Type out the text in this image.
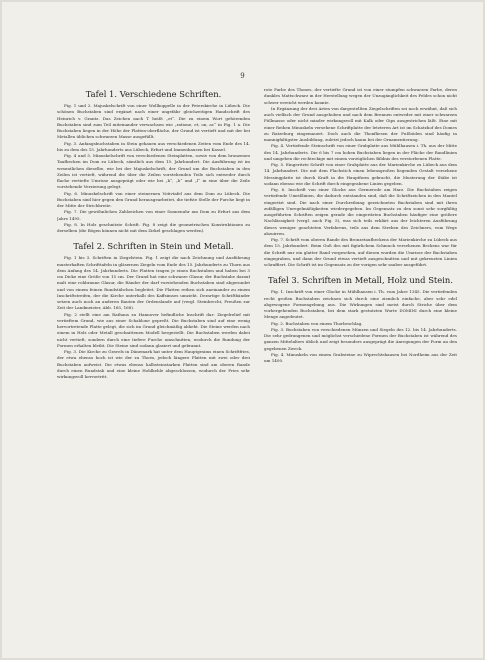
9
Tafel 1. Verschiedene Schriften.

Fig. 1 und 2. Majuskelschrift von einer Wollkoppelle in der Peterskirche in Lübeck. Die schönen Buchstaben sind ergänzt nach einer ungefähr gleichzeitigen Handschrift des Heinrich v. Grantz. Das Zeichen nach T heißt „et“. Die zu einem Wort gehörenden Buchstaben sind zum Teil miteinander verwachsen wie „ratione, et, on, ac“ in Fig. 1 a. Die Buchstaben liegen in der Höhe der Platten-oberfläche, der Grund ist vertieft und mit der bei Metallen üblichen schwarzen Masse ausgefüllt.

Fig. 3. Anfangsbuchstaben in Stein gehauen aus verschiedenen Zeiten vom Ende des 14. bis zu dem des 15. Jahrhunderts aus Lübeck, Erfurt und Immenhausen bei Kassel.

Fig. 4 und 5. Minuskelschrift von verschiedenen Steinplatten, sowie von dem bronzenen Taufbecken im Dom zu Lübeck, sämtlich aus dem 15. Jahrhundert. Die Ausführung ist im wesentlichen dieselbe, wie bei der Majuskelschrift, der Grund um die Buchstaben in den Zeilen ist vertieft, während die über die Zeilen vorstehenden Teile sich entweder durch flache vertiefte Umrisse ausgeprägt oder wie bei „k“, „h“ und „l“ in eine über die Zeile vorstehende Verzierung gelegt.

Fig. 6. Minuskelschrift von einer steinernen Votivtafel aus dem Dom zu Lübeck. Die Buchstaben sind hier gegen den Grund herausgearbeitet, die tiefste Stelle der Furche liegt in der Mitte der Strichbreite.

Fig. 7. Die gewöhnlichen Zahlzeichen von einer Sonnenuhr am Dom zu Erfurt aus dem Jahre 1495.

Fig. 8. In Holz geschnitzte Schrift. Fig. 8 zeigt die geometrischen Konstruktionen zu derselben (die Bögen können nicht mit dem Zirkel geschlagen werden).

Tafel 2. Schriften in Stein und Metall.

Fig. 1 bis 3. Schriften in Ziegelstein. Fig. 1 zeigt die nach Zeichnung und Ausführung musterhaften Schrifttafeln in gläsernen Ziegeln vom Ende des 15. Jahrhunderts zu Thorn aus dem Anfang des 14. Jahrhunderts. Die Platten tragen je einen Buchstaben und haben bei 3 cm Dicke eine Größe von 15 cm. Der Grund hat eine schwarze Glasur, der Buchstabe darauf malt eine rohbraune Glasur, die Ränder der darf vorstehenden Buchstaben sind abgerundet und von einem feinen Rundstäbchen begleitet. Die Platten reihen sich aneinander zu einem Inschriftstreifen, der die Kirche unterhalb des Kaffsimses umzieht. Derartige Schriftbänder setzen auch noch an anderen Bauten der Ordenslande auf (vergl. Steinbrecht, Preußen zur Zeit der Landmeister, Abb. 165, 168).

Fig. 2 stellt eine am Rathaus zu Hannover befindliche Inschrift dar: Ziegelrelief mit vertieftem Grund, wie aus einer Schablone gepreßt. Die Buchstaben sind auf eine wenig hervortretende Platte gelegt, die sich im Grund gleichmäßig abhebt. Die Steine werden nach einem in Holz oder Metall geschnittenen Modell hergestellt. Die Buchstaben werden dabei nicht vertieft, sondern durch eine tiefere Furche umschnitten, wodurch die Rundung der Formen erhalten bleibt. Die Steine sind sodann glasiert und gebrannt.

Fig. 3. Die Kirche zu Gravels in Dänemark hat unter dem Hauptgesims einen Schriftfries, der etwa ebenso hoch ist wie der zu Thorn, jedoch längere Platten mit zwei oder drei Buchstaben aufweist. Die etwas ebenso halbsteinstarken Platten sind am oberen Rande durch einen Rundstab und eine kleine Hohlkehle abgeschlossen, wodurch der Fries sehr wirkungsvoll hervortritt.

rote Farbe des Thones, der vertiefte Grund ist von einer stumpfen schwarzen Farbe, deren dunkles Mattschwarz in der Herstellung wegen der Unzugänglichkeit des Feldes schon nicht schwer erreicht werden konnte.

In Ergänzung der drei Arten von dargestellten Ziegelschriften sei noch erwähnt, daß sich auch vielfach der Grund ausgehoben und nach dem Brennen entweder mit einer schwarzen Füllmasse oder nicht minder wirkungsvoll mit Kalk oder Gips ausgestrichen läßt. Eine mit einer Reihen Minuskeln versehene Schriftplatte der letzteren Art ist im Schatzhof des Domes zu Ratzeburg eingemauert. Doch auch die Thonfliesen der Fußböden sind häufig in mannigfaltigster Ausbildung, zuletzt jedoch kaum bei der Ornamentierung.

Fig. 4. Vertiefende Steinschrift von einer Grabplatte aus Mühlhausen i. Th. aus der Mitte des 14. Jahrhunderts. Die 6 bis 7 cm hohen Buchstaben liegen in der Fläche der Randlinien und umgeben die rechteckige mit einem vorzüglichen Bildnis des verstorbenen Platte.

Fig. 5. Eingeritzte Schrift von einer Grabplatte aus der Marienkirche zu Lübeck aus dem 14. Jahrhundert. Die mit dem Flachstich einen lebensgroßen liegenden Gestalt versehene Messingplatte ist durch Kraft in die Hauptform gebracht, die Musterung der Stäbe ist sodann ebenso wie die Schrift durch eingegrabene Linien gegeben.

Fig. 6. Inschrift von einer Glocke aus Germerode am Harz. Die Buchstaben zeigen vertiefende Umrißlinien, die dadurch entstanden sind, daß die Schriftzeichen in den Mantel eingeritzt sind. Die nach einer Durchreibung gezeichneten Buchstaben sind mit ihren zufälligen Unregelmäßigkeiten wiedergegeben. Im Gegensatz zu den sonst sehr sorgfältig ausgeführten Schriften zeigen gerade die eingeritzten Buchstaben häufiger eine größere Nachlässigkeit (vergl. auch Fig. 5), was sich teils erklärt aus der leichteren Ausführung dieses weniger geachteten Verfahrens, teils aus dem Streben des Zeichners, vom Wege abzuirren.

Fig. 7. Schrift vom oberen Rande des Bronzetaufbeckens der Marienkirche zu Lübeck aus dem 15. Jahrhundert. Beim Guß des mit figürlichem Schmuck versehenen Beckens war für die Schrift nur ein glatter Rand vorgesehen, auf diesen wurden die Umrisse der Buchstaben eingegraben, und dann der Grund etwas vertieft ausgeschnitten und mit gekreuzten Linien schraffiert. Die Schrift ist im Gegensatz zu der vorigen sehr sauber ausgeführt.

Tafel 3. Schriften in Metall, Holz und Stein.

Fig. 1. Inschrift von einer Glocke in Mühlhausen i. Th. vom Jahre 1345. Die vertiefenden recht großen Buchstaben zeichnen sich durch eine ziemlich einfache, aber sehr edel abgewogene Formengebung aus. Die Wirkungen sind meist durch Striche über dem vorhergehenden Buchstaben, bei dem stark gestutzten Worte DOMINI durch eine kleine Menge angedeutet.

Fig. 2. Buchstaben von einem Thorbeschlag.

Fig. 3. Buchstaben von verschiedenen Münzen und Siegeln des 12. bis 14. Jahrhunderts. Die sehr gedrungenen und möglichst verschiedene Formen der Buchstaben ist während des ganzen Mittelalters üblich und zeigt besonders ausgeprägt die Anregungen der Form an den gegebenen Zweck.

Fig. 4. Minuskeln von einem Grabsteine zu Wiprechtshausen bei Nordheim aus der Zeit um 1400.
